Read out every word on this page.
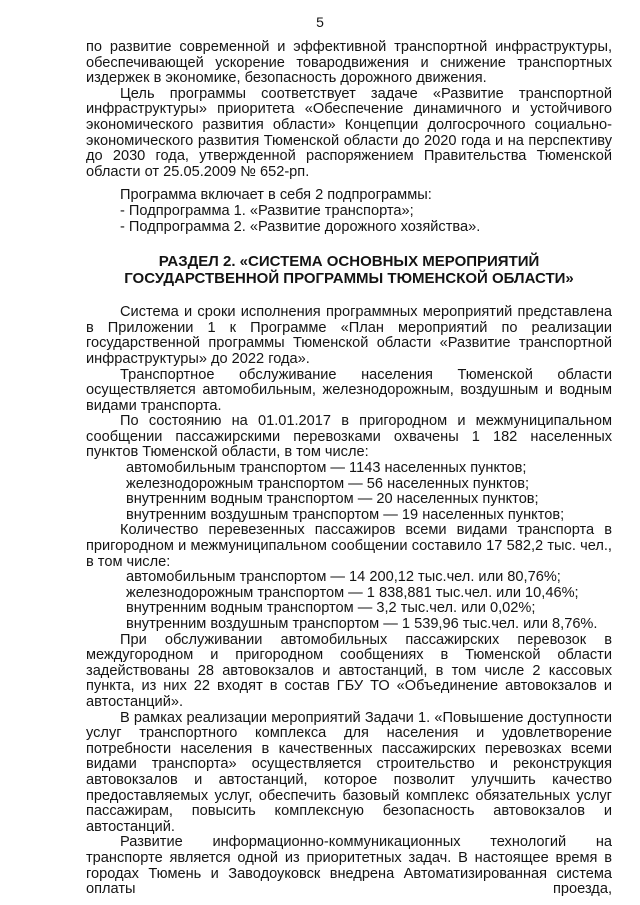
5

по развитие современной и эффективной транспортной инфраструктуры, обеспечивающей ускорение товародвижения и снижение транспортных издержек в экономике, безопасность дорожного движения.

Цель программы соответствует задаче «Развитие транспортной инфраструктуры» приоритета «Обеспечение динамичного и устойчивого экономического развития области» Концепции долгосрочного социально-экономического развития Тюменской области до 2020 года и на перспективу до 2030 года, утвержденной распоряжением Правительства Тюменской области от 25.05.2009 № 652-рп.

Программа включает в себя 2 подпрограммы:

- Подпрограмма 1. «Развитие транспорта»;
- Подпрограмма 2. «Развитие дорожного хозяйства».
РАЗДЕЛ 2. «СИСТЕМА ОСНОВНЫХ МЕРОПРИЯТИЙ
ГОСУДАРСТВЕННОЙ ПРОГРАММЫ ТЮМЕНСКОЙ ОБЛАСТИ»

Система и сроки исполнения программных мероприятий представлена в Приложении 1 к Программе «План мероприятий по реализации государственной программы Тюменской области «Развитие транспортной инфраструктуры» до 2022 года».

Транспортное обслуживание населения Тюменской области осуществляется автомобильным, железнодорожным, воздушным и водным видами транспорта.

По состоянию на 01.01.2017 в пригородном и межмуниципальном сообщении пассажирскими перевозками охвачены 1 182 населенных пунктов Тюменской области, в том числе:

автомобильным транспортом — 1143 населенных пунктов;
железнодорожным транспортом — 56 населенных пунктов;
внутренним водным транспортом — 20 населенных пунктов;
внутренним воздушным транспортом — 19 населенных пунктов;

Количество перевезенных пассажиров всеми видами транспорта в пригородном и межмуниципальном сообщении составило 17 582,2 тыс. чел., в том числе:

автомобильным транспортом — 14 200,12 тыс.чел. или 80,76%;
железнодорожным транспортом — 1 838,881 тыс.чел. или 10,46%;
внутренним водным транспортом — 3,2 тыс.чел. или 0,02%;
внутренним воздушным транспортом — 1 539,96 тыс.чел. или 8,76%.

При обслуживании автомобильных пассажирских перевозок в междугородном и пригородном сообщениях в Тюменской области задействованы 28 автовокзалов и автостанций, в том числе 2 кассовых пункта, из них 22 входят в состав ГБУ ТО «Объединение автовокзалов и автостанций».

В рамках реализации мероприятий Задачи 1. «Повышение доступности услуг транспортного комплекса для населения и удовлетворение потребности населения в качественных пассажирских перевозках всеми видами транспорта» осуществляется строительство и реконструкция автовокзалов и автостанций, которое позволит улучшить качество предоставляемых услуг, обеспечить базовый комплекс обязательных услуг пассажирам, повысить комплексную безопасность автовокзалов и автостанций.

Развитие информационно-коммуникационных технологий на транспорте является одной из приоритетных задач. В настоящее время в городах Тюмень и Заводоуковск внедрена Автоматизированная система оплаты проезда,
